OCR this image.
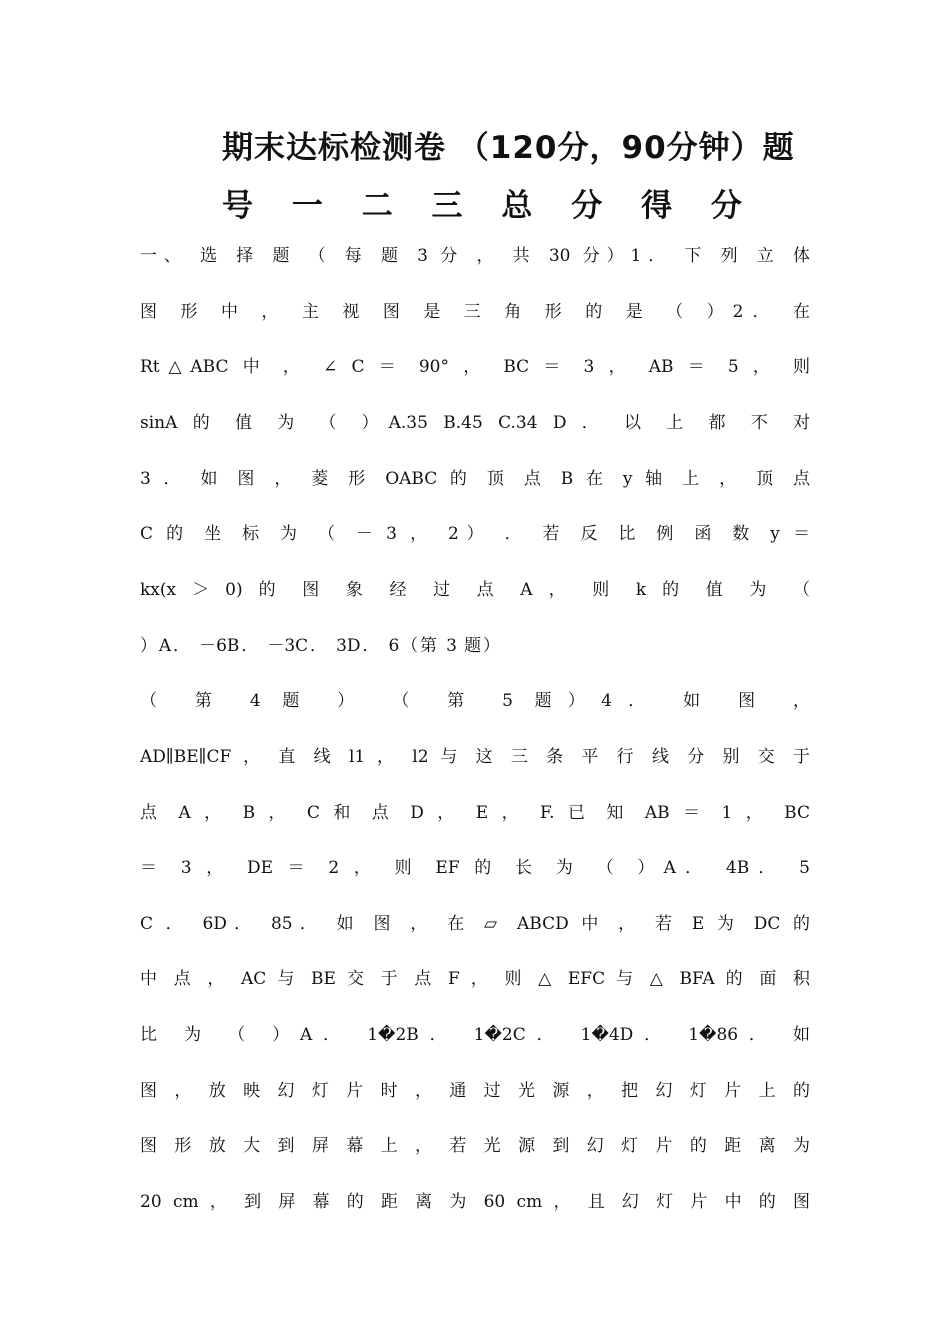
期末达标检测卷 （120分，90分钟）题
号 一 二 三 总 分 得 分
一、 选 择 题 （ 每 题 3 分 ， 共 30 分）1． 下 列 立 体
图 形 中 ， 主 视 图 是 三 角 形 的 是 （ ）2． 在
Rt△ABC 中 ， ∠ C ＝ 90° ， BC ＝ 3 ， AB ＝ 5 ， 则
sinA 的 值 为 （ ）A.35 B.45 C.34 D ． 以 上 都 不 对
3 ． 如 图 ， 菱 形 OABC 的 顶 点 B 在 y 轴 上 ， 顶 点
C 的 坐 标 为 （ － 3 ， 2） ． 若 反 比 例 函 数 y ＝
kx(x ＞ 0) 的 图 象 经 过 点 A ， 则 k 的 值 为 （
）A． －6B． －3C． 3D． 6（第 3 题）
（ 第 4 题 ） （ 第 5 题）4． 如 图 ，
AD∥BE∥CF ， 直 线 l1 ， l2 与 这 三 条 平 行 线 分 别 交 于
点 A ， B ， C 和 点 D ， E ， F. 已 知 AB ＝ 1 ， BC
＝ 3 ， DE ＝ 2 ， 则 EF 的 长 为 （ ）A． 4B． 5
C ． 6D． 85． 如 图 ， 在 ▱ ABCD 中 ， 若 E 为 DC 的
中 点 ， AC 与 BE 交 于 点 F ， 则 △ EFC 与 △ BFA 的 面 积
比 为 （ ）A． 1�2B． 1�2C． 1�4D． 1�86． 如
图 ， 放 映 幻 灯 片 时 ， 通 过 光 源 ， 把 幻 灯 片 上 的
图 形 放 大 到 屏 幕 上 ， 若 光 源 到 幻 灯 片 的 距 离 为
20 cm ， 到 屏 幕 的 距 离 为 60 cm ， 且 幻 灯 片 中 的 图
